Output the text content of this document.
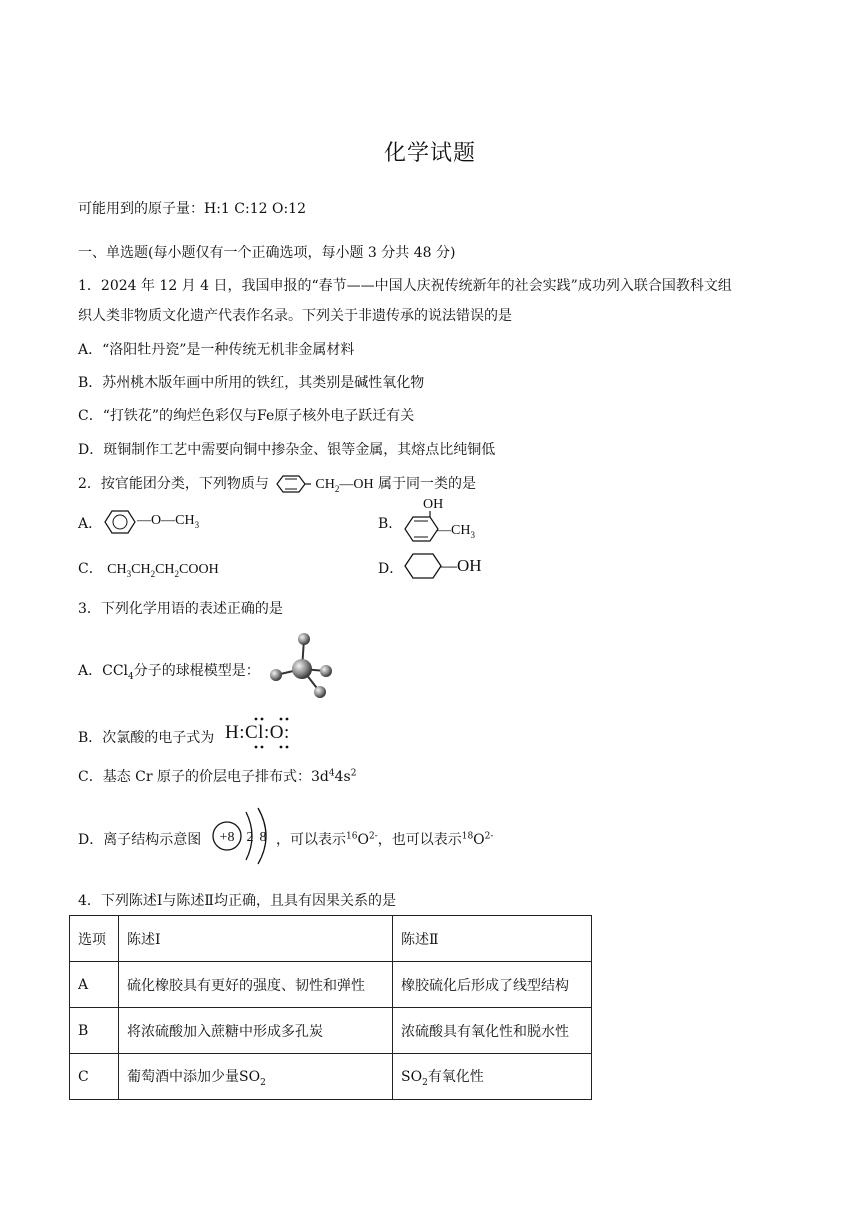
化学试题
可能用到的原子量：H:1 C:12 O:12
一、单选题(每小题仅有一个正确选项，每小题 3 分共 48 分)
1．2024 年 12 月 4 日，我国申报的“春节——中国人庆祝传统新年的社会实践”成功列入联合国教科文组
织人类非物质文化遗产代表作名录。下列关于非遗传承的说法错误的是
A．“洛阳牡丹瓷”是一种传统无机非金属材料
B．苏州桃木版年画中所用的铁红，其类别是碱性氧化物
C．“打铁花”的绚烂色彩仅与Fe原子核外电子跃迁有关
D．斑铜制作工艺中需要向铜中掺杂金、银等金属，其熔点比纯铜低
2．按官能团分类，下列物质与	$CH_2—OH$ 属于同一类的是
A． $—O—CH_3$	B．
OH
$—CH_3$
C． $CH_3CH_2CH_2COOH$	D． —OH
3．下列化学用语的表述正确的是
A．CCl$_4$分子的球棍模型是：
B．次氯酸的电子式为 H:Cl:O:
C．基态 Cr 原子的价层电子排布式：$3d^44s^2$
D．离子结构示意图 +8 2 8 ，可以表示$^{16}O^{2-}$，也可以表示$^{18}O^{2-}$
4．下列陈述Ⅰ与陈述Ⅱ均正确，且具有因果关系的是
选项	陈述Ⅰ	陈述Ⅱ
A	硫化橡胶具有更好的强度、韧性和弹性	橡胶硫化后形成了线型结构
B	将浓硫酸加入蔗糖中形成多孔炭	浓硫酸具有氧化性和脱水性
C	葡萄酒中添加少量$SO_2$	$SO_2$有氧化性
